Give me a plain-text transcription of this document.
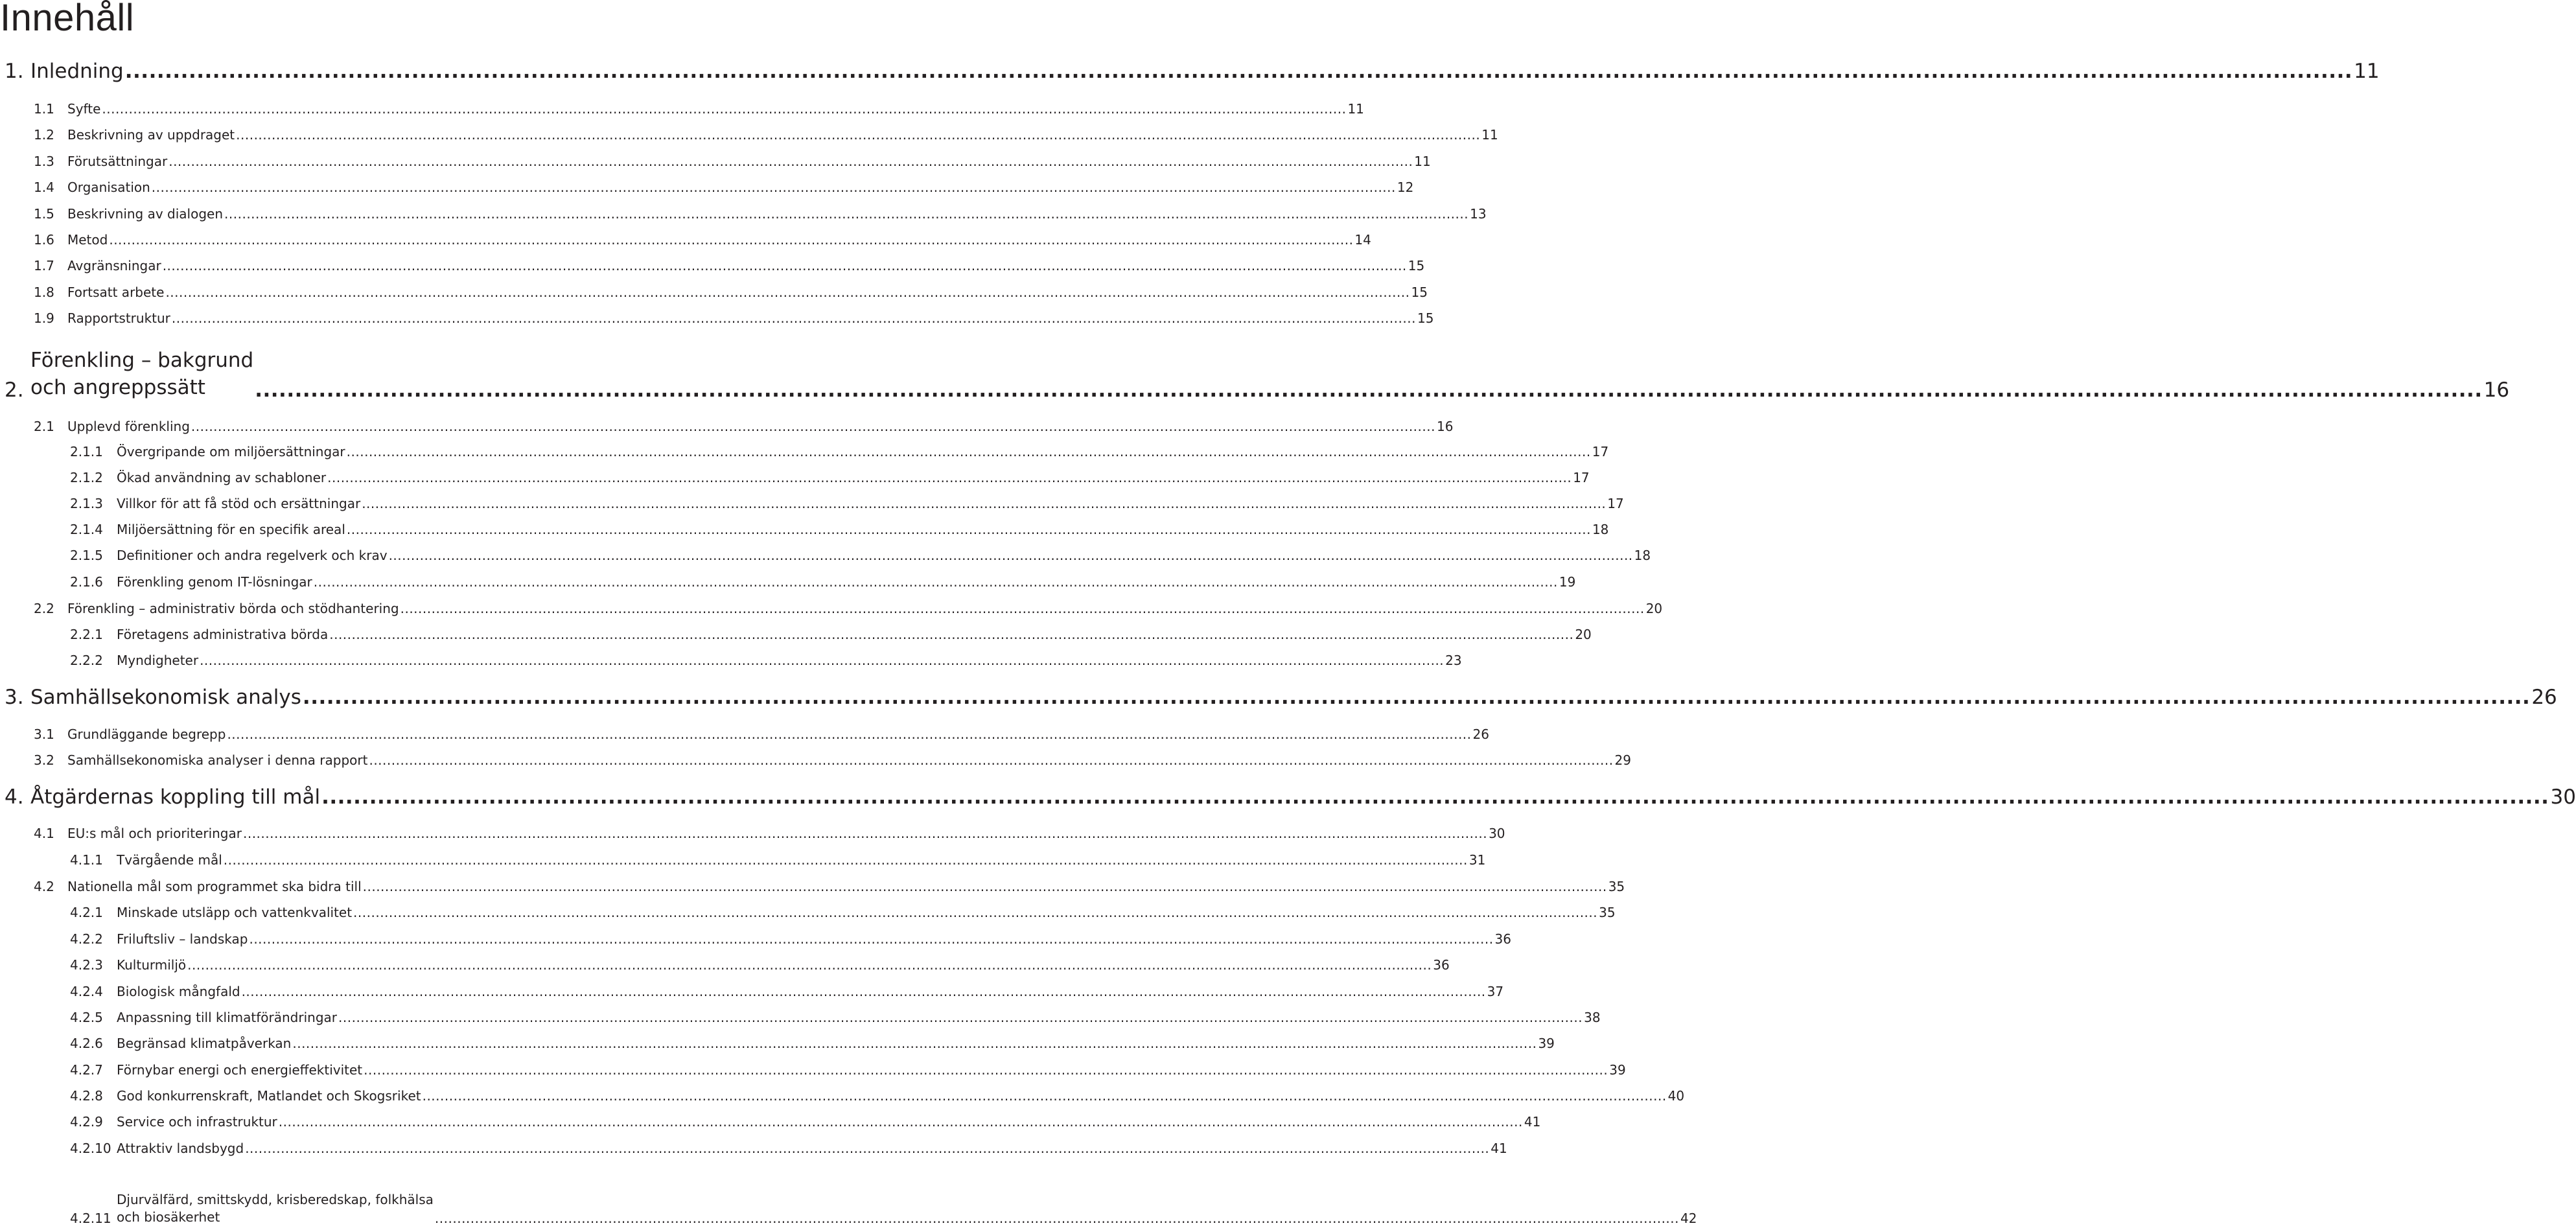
Innehåll
1. Inledning ........................................................................................................................................................................................................................................................................................ 11
1.1	Syfte ........................................................................................................................................................................................................................................................................................ 11
1.2	Beskrivning av uppdraget ........................................................................................................................................................................................................................................................................................ 11
1.3	Förutsättningar ........................................................................................................................................................................................................................................................................................ 11
1.4	Organisation ........................................................................................................................................................................................................................................................................................ 12
1.5	Beskrivning av dialogen ........................................................................................................................................................................................................................................................................................ 13
1.6	Metod ........................................................................................................................................................................................................................................................................................ 14
1.7	Avgränsningar ........................................................................................................................................................................................................................................................................................ 15
1.8	Fortsatt arbete ........................................................................................................................................................................................................................................................................................ 15
1.9	Rapportstruktur ........................................................................................................................................................................................................................................................................................ 15
2.
Förenkling – bakgrund
och angreppssätt	........................................................................................................................................................................................................................................................................................ 16
2.1	Upplevd förenkling ........................................................................................................................................................................................................................................................................................ 16
2.1.1	Övergripande om miljöersättningar ........................................................................................................................................................................................................................................................................................ 17
2.1.2	Ökad användning av schabloner ........................................................................................................................................................................................................................................................................................ 17
2.1.3	Villkor för att få stöd och ersättningar ........................................................................................................................................................................................................................................................................................ 17
2.1.4	Miljöersättning för en specifik areal ........................................................................................................................................................................................................................................................................................ 18
2.1.5	Definitioner och andra regelverk och krav ........................................................................................................................................................................................................................................................................................ 18
2.1.6	Förenkling genom IT-lösningar ........................................................................................................................................................................................................................................................................................ 19
2.2	Förenkling – administrativ börda och stödhantering ........................................................................................................................................................................................................................................................................................ 20
2.2.1	Företagens administrativa börda ........................................................................................................................................................................................................................................................................................ 20
2.2.2	Myndigheter ........................................................................................................................................................................................................................................................................................ 23
3. Samhällsekonomisk analys ........................................................................................................................................................................................................................................................................................ 26
3.1	Grundläggande begrepp ........................................................................................................................................................................................................................................................................................ 26
3.2	Samhällsekonomiska analyser i denna rapport ........................................................................................................................................................................................................................................................................................ 29
4. Åtgärdernas koppling till mål ........................................................................................................................................................................................................................................................................................ 30
4.1	EU:s mål och prioriteringar ........................................................................................................................................................................................................................................................................................ 30
4.1.1	Tvärgående mål ........................................................................................................................................................................................................................................................................................ 31
4.2	Nationella mål som programmet ska bidra till ........................................................................................................................................................................................................................................................................................ 35
4.2.1	Minskade utsläpp och vattenkvalitet ........................................................................................................................................................................................................................................................................................ 35
4.2.2	Friluftsliv – landskap ........................................................................................................................................................................................................................................................................................ 36
4.2.3	Kulturmiljö ........................................................................................................................................................................................................................................................................................ 36
4.2.4	Biologisk mångfald ........................................................................................................................................................................................................................................................................................ 37
4.2.5	Anpassning till klimatförändringar ........................................................................................................................................................................................................................................................................................ 38
4.2.6	Begränsad klimatpåverkan ........................................................................................................................................................................................................................................................................................ 39
4.2.7	Förnybar energi och energieffektivitet ........................................................................................................................................................................................................................................................................................ 39
4.2.8	God konkurrenskraft, Matlandet och Skogsriket ........................................................................................................................................................................................................................................................................................ 40
4.2.9	Service och infrastruktur ........................................................................................................................................................................................................................................................................................ 41
4.2.10 Attraktiv landsbygd ........................................................................................................................................................................................................................................................................................ 41
4.2.11
Djurvälfärd, smittskydd, krisberedskap, folkhälsa
och biosäkerhet	........................................................................................................................................................................................................................................................................................ 42
